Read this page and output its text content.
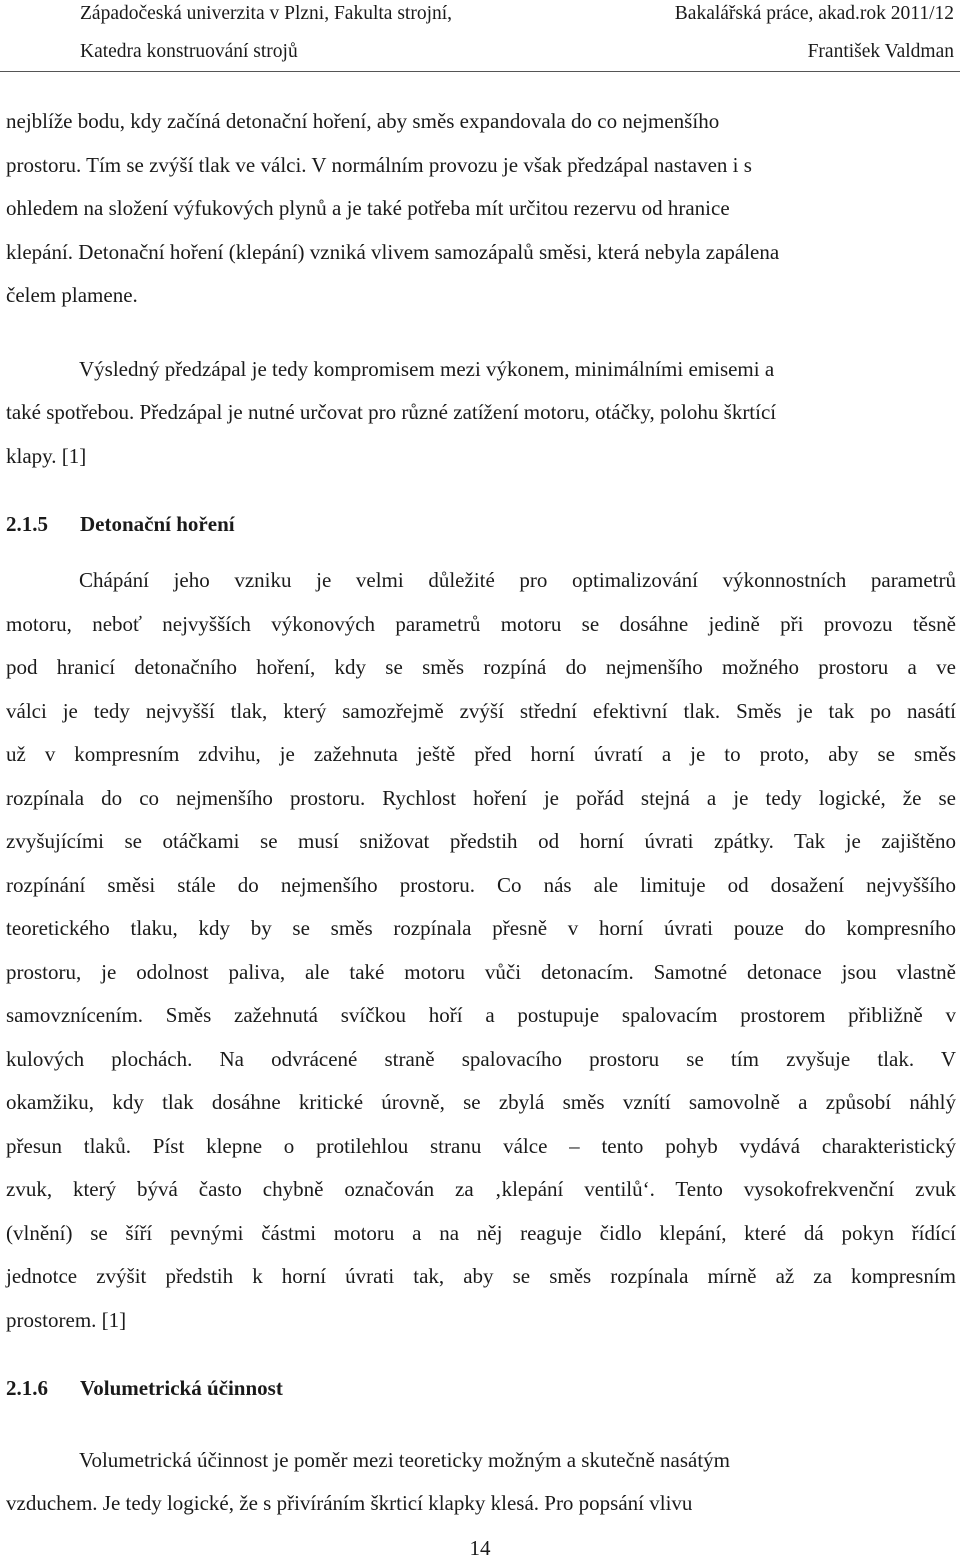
Západočeská univerzita v Plzni, Fakulta strojní,	Bakalářská práce, akad.rok 2011/12
Katedra konstruování strojů	František Valdman
nejblíže bodu, kdy začíná detonační hoření, aby směs expandovala do co nejmenšího
prostoru. Tím se zvýší tlak ve válci. V normálním provozu je však předzápal nastaven i s
ohledem na složení výfukových plynů a je také potřeba mít určitou rezervu od hranice
klepání. Detonační hoření (klepání) vzniká vlivem samozápalů směsi, která nebyla zapálena
čelem plamene.
Výsledný předzápal je tedy kompromisem mezi výkonem, minimálními emisemi a
také spotřebou. Předzápal je nutné určovat pro různé zatížení motoru, otáčky, polohu škrtící
klapy. [1]
2.1.5 Detonační hoření
Chápání jeho vzniku je velmi důležité pro optimalizování výkonnostních parametrů
motoru, neboť nejvyšších výkonových parametrů motoru se dosáhne jedině při provozu těsně
pod hranicí detonačního hoření, kdy se směs rozpíná do nejmenšího možného prostoru a ve
válci je tedy nejvyšší tlak, který samozřejmě zvýší střední efektivní tlak. Směs je tak po nasátí
už v kompresním zdvihu, je zažehnuta ještě před horní úvratí a je to proto, aby se směs
rozpínala do co nejmenšího prostoru. Rychlost hoření je pořád stejná a je tedy logické, že se
zvyšujícími se otáčkami se musí snižovat předstih od horní úvrati zpátky. Tak je zajištěno
rozpínání směsi stále do nejmenšího prostoru. Co nás ale limituje od dosažení nejvyššího
teoretického tlaku, kdy by se směs rozpínala přesně v horní úvrati pouze do kompresního
prostoru, je odolnost paliva, ale také motoru vůči detonacím. Samotné detonace jsou vlastně
samovznícením. Směs zažehnutá svíčkou hoří a postupuje spalovacím prostorem přibližně v
kulových plochách. Na odvrácené straně spalovacího prostoru se tím zvyšuje tlak. V
okamžiku, kdy tlak dosáhne kritické úrovně, se zbylá směs vznítí samovolně a způsobí náhlý
přesun tlaků. Píst klepne o protilehlou stranu válce – tento pohyb vydává charakteristický
zvuk, který bývá často chybně označován za ‚klepání ventilů‘. Tento vysokofrekvenční zvuk
(vlnění) se šíří pevnými částmi motoru a na něj reaguje čidlo klepání, které dá pokyn řídící
jednotce zvýšit předstih k horní úvrati tak, aby se směs rozpínala mírně až za kompresním
prostorem. [1]
2.1.6 Volumetrická účinnost
Volumetrická účinnost je poměr mezi teoreticky možným a skutečně nasátým
vzduchem. Je tedy logické, že s přivíráním škrticí klapky klesá. Pro popsání vlivu
14
